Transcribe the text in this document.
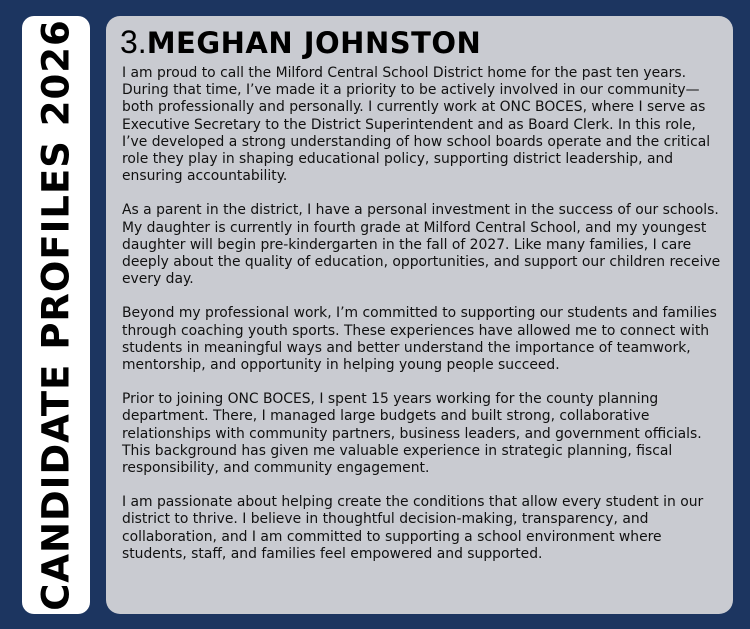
CANDIDATE PROFILES 2026 3.MEGHAN JOHNSTON

I am proud to call the Milford Central School District home for the past ten years. During that time, I’ve made it a priority to be actively involved in our community—both professionally and personally. I currently work at ONC BOCES, where I serve as Executive Secretary to the District Superintendent and as Board Clerk. In this role, I’ve developed a strong understanding of how school boards operate and the critical role they play in shaping educational policy, supporting district leadership, and ensuring accountability.

As a parent in the district, I have a personal investment in the success of our schools. My daughter is currently in fourth grade at Milford Central School, and my youngest daughter will begin pre-kindergarten in the fall of 2027. Like many families, I care deeply about the quality of education, opportunities, and support our children receive every day.

Beyond my professional work, I’m committed to supporting our students and families through coaching youth sports. These experiences have allowed me to connect with students in meaningful ways and better understand the importance of teamwork, mentorship, and opportunity in helping young people succeed.

Prior to joining ONC BOCES, I spent 15 years working for the county planning department. There, I managed large budgets and built strong, collaborative relationships with community partners, business leaders, and government officials. This background has given me valuable experience in strategic planning, fiscal responsibility, and community engagement.

I am passionate about helping create the conditions that allow every student in our district to thrive. I believe in thoughtful decision-making, transparency, and collaboration, and I am committed to supporting a school environment where students, staff, and families feel empowered and supported.
